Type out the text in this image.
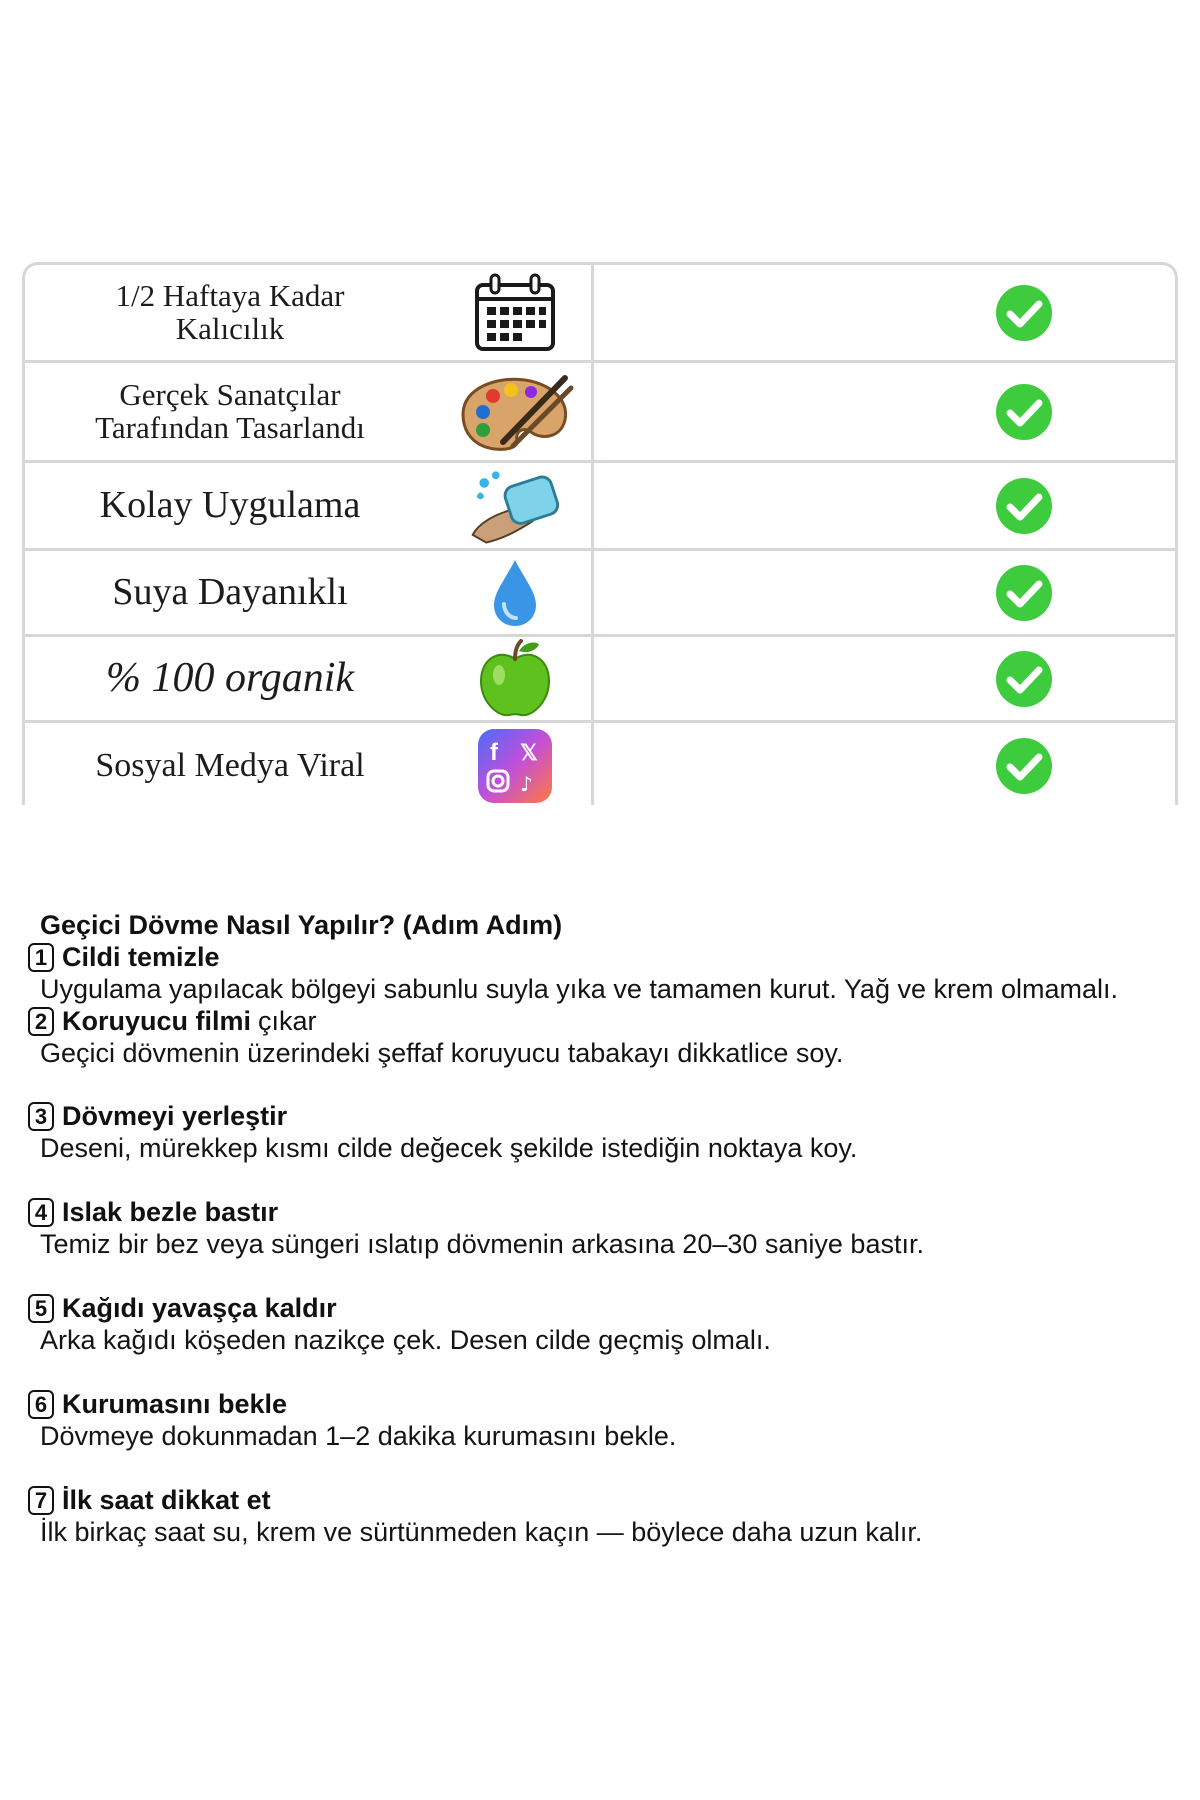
1/2 Haftaya Kadar
Kalıcılık
Gerçek Sanatçılar
Tarafından Tasarlandı
Kolay Uygulama
Suya Dayanıklı
% 100 organik
Sosyal Medya Viral	f 𝕏
♪
Geçici Dövme Nasıl Yapılır? (Adım Adım)
1 Cildi temizle
Uygulama yapılacak bölgeyi sabunlu suyla yıka ve tamamen kurut. Yağ ve krem olmamalı.
2 Koruyucu filmi çıkar
Geçici dövmenin üzerindeki şeffaf koruyucu tabakayı dikkatlice soy.
3 Dövmeyi yerleştir
Deseni, mürekkep kısmı cilde değecek şekilde istediğin noktaya koy.
4 Islak bezle bastır
Temiz bir bez veya süngeri ıslatıp dövmenin arkasına 20–30 saniye bastır.
5 Kağıdı yavaşça kaldır
Arka kağıdı köşeden nazikçe çek. Desen cilde geçmiş olmalı.
6 Kurumasını bekle
Dövmeye dokunmadan 1–2 dakika kurumasını bekle.
7 İlk saat dikkat et
İlk birkaç saat su, krem ve sürtünmeden kaçın — böylece daha uzun kalır.
